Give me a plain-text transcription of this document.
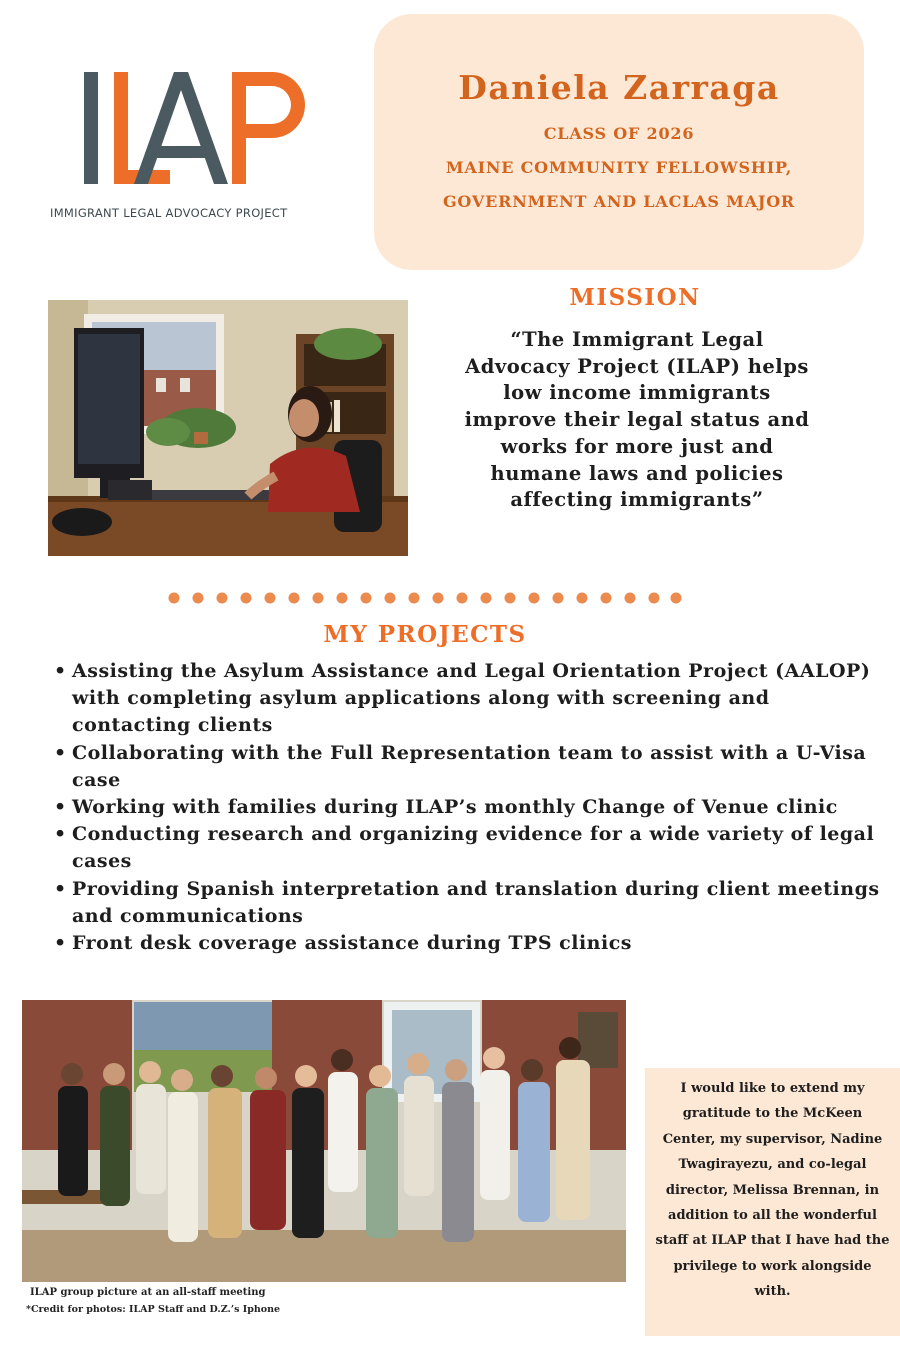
IMMIGRANT LEGAL ADVOCACY PROJECT
Daniela Zarraga
CLASS OF 2026
MAINE COMMUNITY FELLOWSHIP,
GOVERNMENT AND LACLAS MAJOR
MISSION
“The Immigrant Legal Advocacy Project (ILAP) helps low income immigrants improve their legal status and works for more just and humane laws and policies affecting immigrants”
MY PROJECTS
• Assisting the Asylum Assistance and Legal Orientation Project (AALOP) with completing asylum applications along with screening and contacting clients
• Collaborating with the Full Representation team to assist with a U-Visa case
• Working with families during ILAP’s monthly Change of Venue clinic
• Conducting research and organizing evidence for a wide variety of legal cases
• Providing Spanish interpretation and translation during client meetings and communications
• Front desk coverage assistance during TPS clinics
ILAP group picture at an all-staff meeting
*Credit for photos: ILAP Staff and D.Z.’s Iphone
I would like to extend my gratitude to the McKeen Center, my supervisor, Nadine Twagirayezu, and co-legal director, Melissa Brennan, in addition to all the wonderful staff at ILAP that I have had the privilege to work alongside with.
